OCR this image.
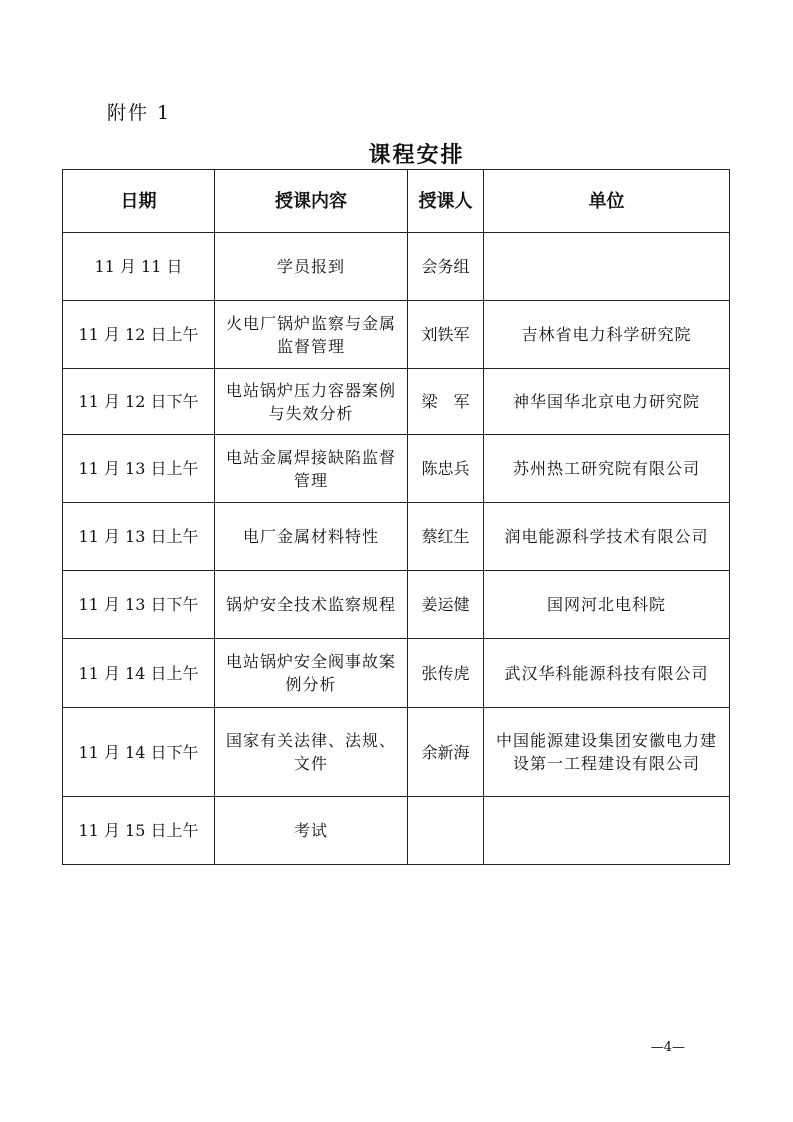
附件 1
课程安排
日期	授课内容	授课人	单位
11 月 11 日	学员报到	会务组	
11 月 12 日上午	火电厂锅炉监察与金属监督管理	刘铁军	吉林省电力科学研究院
11 月 12 日下午	电站锅炉压力容器案例与失效分析	梁　军	神华国华北京电力研究院
11 月 13 日上午	电站金属焊接缺陷监督管理	陈忠兵	苏州热工研究院有限公司
11 月 13 日上午	电厂金属材料特性	蔡红生	润电能源科学技术有限公司
11 月 13 日下午	锅炉安全技术监察规程	姜运健	国网河北电科院
11 月 14 日上午	电站锅炉安全阀事故案例分析	张传虎	武汉华科能源科技有限公司
11 月 14 日下午	国家有关法律、法规、文件	余新海	中国能源建设集团安徽电力建设第一工程建设有限公司
11 月 15 日上午	考试		
—4—
